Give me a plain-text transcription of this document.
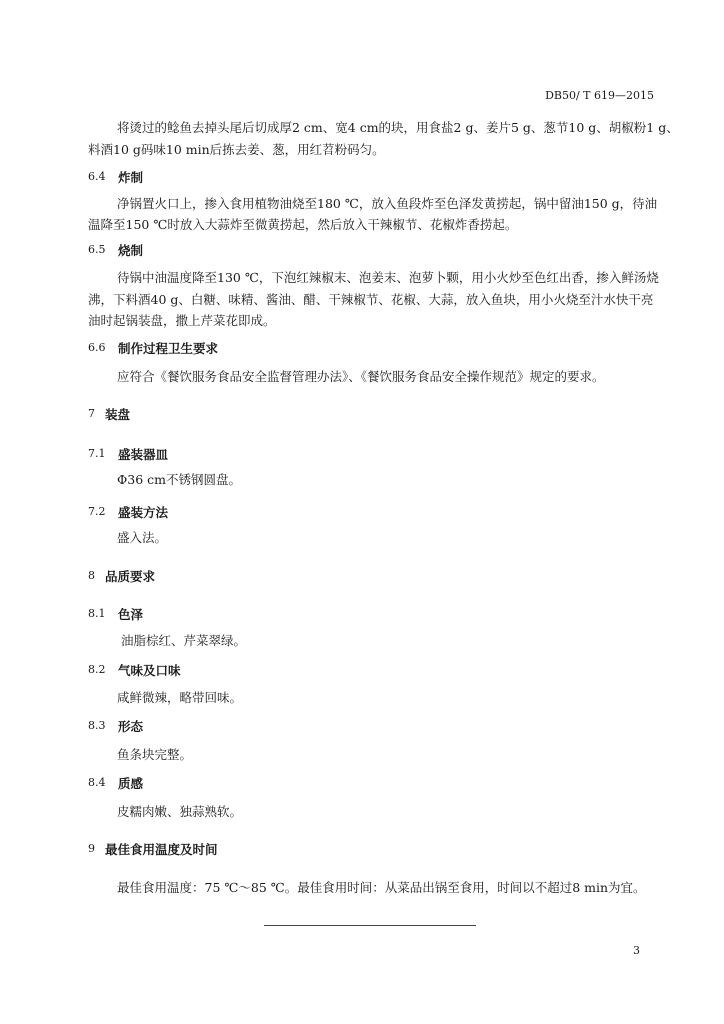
DB50/ T 619—2015
将烫过的鲶鱼去掉头尾后切成厚2 cm、宽4 cm的块，用食盐2 g、姜片5 g、葱节10 g、胡椒粉1 g、
料酒10 g码味10 min后拣去姜、葱，用红苕粉码匀。
6.4 炸制
净锅置火口上，掺入食用植物油烧至180 ℃，放入鱼段炸至色泽发黄捞起，锅中留油150 g，待油
温降至150 ℃时放入大蒜炸至微黄捞起，然后放入干辣椒节、花椒炸香捞起。
6.5 烧制
待锅中油温度降至130 ℃，下泡红辣椒末、泡姜末、泡萝卜颗，用小火炒至色红出香，掺入鲜汤烧
沸，下料酒40 g、白糖、味精、酱油、醋、干辣椒节、花椒、大蒜，放入鱼块，用小火烧至汁水快干亮
油时起锅装盘，撒上芹菜花即成。
6.6 制作过程卫生要求
应符合《餐饮服务食品安全监督管理办法》、《餐饮服务食品安全操作规范》规定的要求。
7 装盘
7.1 盛装器皿
Φ36 cm不锈钢圆盘。
7.2 盛装方法
盛入法。
8 品质要求
8.1 色泽
油脂棕红、芹菜翠绿。
8.2 气味及口味
咸鲜微辣，略带回味。
8.3 形态
鱼条块完整。
8.4 质感
皮糯肉嫩、独蒜熟软。
9 最佳食用温度及时间
最佳食用温度：75 ℃～85 ℃。最佳食用时间：从菜品出锅至食用，时间以不超过8 min为宜。
3
